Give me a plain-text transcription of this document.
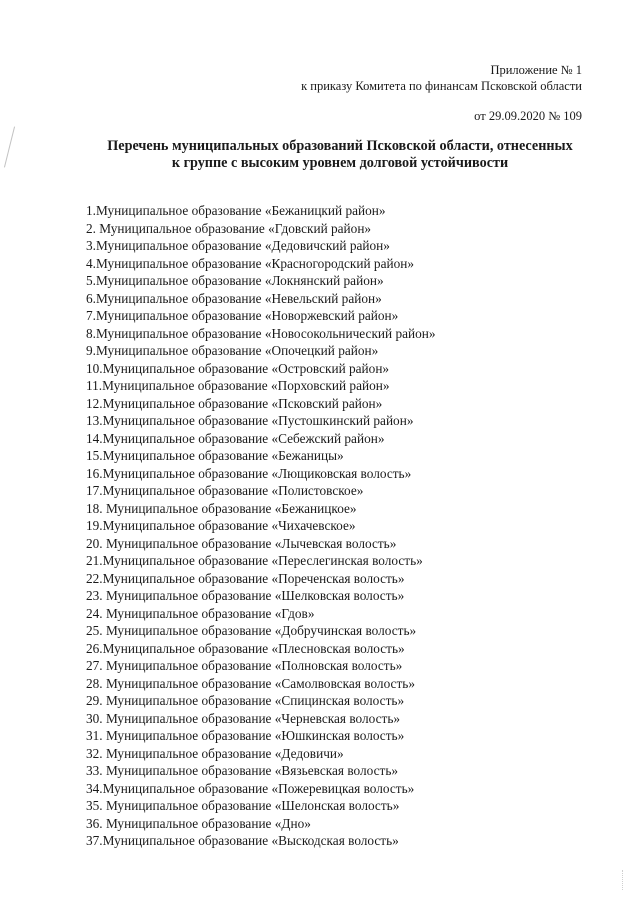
Приложение № 1
к приказу Комитета по финансам Псковской области
от 29.09.2020 № 109
Перечень муниципальных образований Псковской области, отнесенных
к группе с высоким уровнем долговой устойчивости
1.Муниципальное образование «Бежаницкий район»
2. Муниципальное образование «Гдовский район»
3.Муниципальное образование «Дедовичский район»
4.Муниципальное образование «Красногородский район»
5.Муниципальное образование «Локнянский район»
6.Муниципальное образование «Невельский район»
7.Муниципальное образование «Новоржевский район»
8.Муниципальное образование «Новосокольнический район»
9.Муниципальное образование «Опочецкий район»
10.Муниципальное образование «Островский район»
11.Муниципальное образование «Порховский район»
12.Муниципальное образование «Псковский район»
13.Муниципальное образование «Пустошкинский район»
14.Муниципальное образование «Себежский район»
15.Муниципальное образование «Бежаницы»
16.Муниципальное образование «Лющиковская волость»
17.Муниципальное образование «Полистовское»
18. Муниципальное образование «Бежаницкое»
19.Муниципальное образование «Чихачевское»
20. Муниципальное образование «Лычевская волость»
21.Муниципальное образование «Переслегинская волость»
22.Муниципальное образование «Пореченская волость»
23. Муниципальное образование «Шелковская волость»
24. Муниципальное образование «Гдов»
25. Муниципальное образование «Добручинская волость»
26.Муниципальное образование «Плесновская волость»
27. Муниципальное образование «Полновская волость»
28. Муниципальное образование «Самолвовская волость»
29. Муниципальное образование «Спицинская волость»
30. Муниципальное образование «Черневская волость»
31. Муниципальное образование «Юшкинская волость»
32. Муниципальное образование «Дедовичи»
33. Муниципальное образование «Вязьевская волость»
34.Муниципальное образование «Пожеревицкая волость»
35. Муниципальное образование «Шелонская волость»
36. Муниципальное образование «Дно»
37.Муниципальное образование «Выскодская волость»
